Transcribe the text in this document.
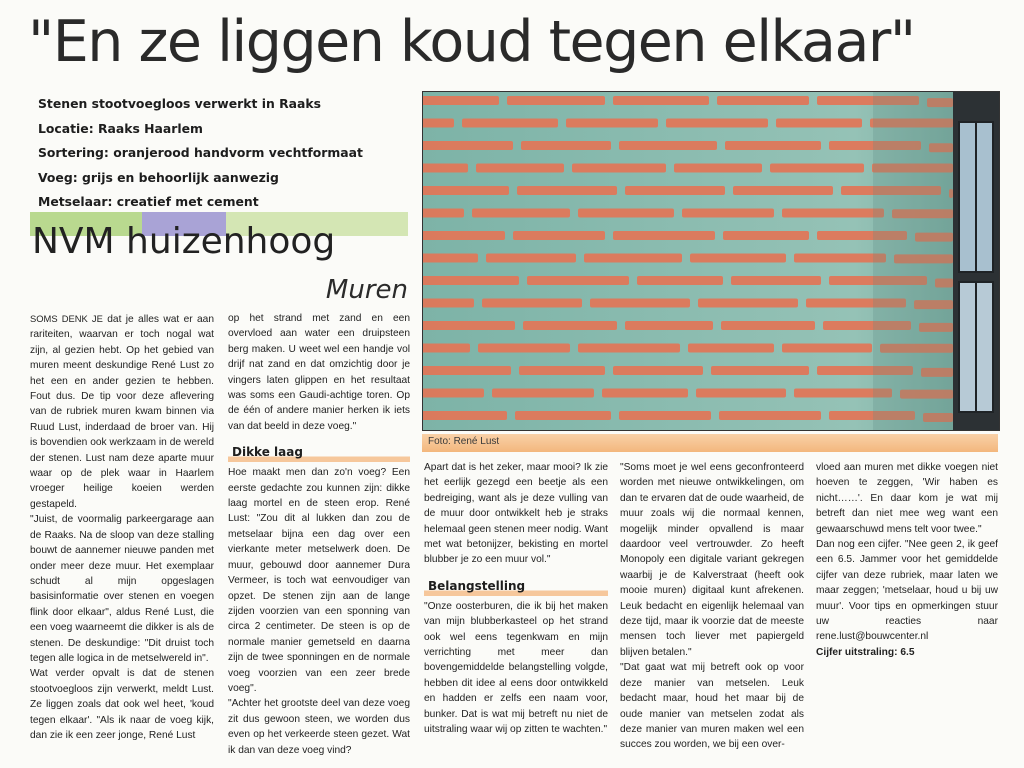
"En ze liggen koud tegen elkaar"
Stenen stootvoegloos verwerkt in Raaks
Locatie: Raaks Haarlem
Sortering: oranjerood handvorm vechtformaat
Voeg: grijs en behoorlijk aanwezig
Metselaar: creatief met cement
NVM huizenhoog
Muren

SOMS DENK JE dat je alles wat er aan rariteiten, waarvan er toch nogal wat zijn, al gezien hebt. Op het gebied van muren meent deskundige René Lust zo het een en ander gezien te hebben. Fout dus. De tip voor deze aflevering van de rubriek muren kwam binnen via Ruud Lust, inderdaad de broer van. Hij is bovendien ook werkzaam in de wereld der stenen. Lust nam deze aparte muur waar op de plek waar in Haarlem vroeger heilige koeien werden gestapeld.

"Juist, de voormalig parkeergarage aan de Raaks. Na de sloop van deze stalling bouwt de aannemer nieuwe panden met onder meer deze muur. Het exemplaar schudt al mijn opgeslagen basisinformatie over stenen en voegen flink door elkaar", aldus René Lust, die een voeg waarneemt die dikker is als de stenen. De deskundige: "Dit druist toch tegen alle logica in de metselwereld in".

Wat verder opvalt is dat de stenen stootvoegloos zijn verwerkt, meldt Lust. Ze liggen zoals dat ook wel heet, 'koud tegen elkaar'. "Als ik naar de voeg kijk, dan zie ik een zeer jonge, René Lust

op het strand met zand en een overvloed aan water een druipsteen berg maken. U weet wel een handje vol drijf nat zand en dat omzichtig door je vingers laten glippen en het resultaat was soms een Gaudi-achtige toren. Op de één of andere manier herken ik iets van dat beeld in deze voeg."

Dikke laag

Hoe maakt men dan zo'n voeg? Een eerste gedachte zou kunnen zijn: dikke laag mortel en de steen erop. René Lust: "Zou dit al lukken dan zou de metselaar bijna een dag over een vierkante meter metselwerk doen. De muur, gebouwd door aannemer Dura Vermeer, is toch wat eenvoudiger van opzet. De stenen zijn aan de lange zijden voorzien van een sponning van circa 2 centimeter. De steen is op de normale manier gemetseld en daarna zijn de twee sponningen en de normale voeg voorzien van een zeer brede voeg".

"Achter het grootste deel van deze voeg zit dus gewoon steen, we worden dus even op het verkeerde steen gezet. Wat ik dan van deze voeg vind?

Foto: René Lust

Apart dat is het zeker, maar mooi? Ik zie het eerlijk gezegd een beetje als een bedreiging, want als je deze vulling van de muur door ontwikkelt heb je straks helemaal geen stenen meer nodig. Want met wat betonijzer, bekisting en mortel blubber je zo een muur vol."

Belangstelling

"Onze oosterburen, die ik bij het maken van mijn blubberkasteel op het strand ook wel eens tegenkwam en mijn verrichting met meer dan bovengemiddelde belangstelling volgde, hebben dit idee al eens door ontwikkeld en hadden er zelfs een naam voor, bunker. Dat is wat mij betreft nu niet de uitstraling waar wij op zitten te wachten."

"Soms moet je wel eens geconfronteerd worden met nieuwe ontwikkelingen, om dan te ervaren dat de oude waarheid, de muur zoals wij die normaal kennen, mogelijk minder opvallend is maar daardoor veel vertrouwder. Zo heeft Monopoly een digitale variant gekregen waarbij je de Kalverstraat (heeft ook mooie muren) digitaal kunt afrekenen. Leuk bedacht en eigenlijk helemaal van deze tijd, maar ik voorzie dat de meeste mensen toch liever met papiergeld blijven betalen."

"Dat gaat wat mij betreft ook op voor deze manier van metselen. Leuk bedacht maar, houd het maar bij de oude manier van metselen zodat als deze manier van muren maken wel een succes zou worden, we bij een over-

vloed aan muren met dikke voegen niet hoeven te zeggen, 'Wir haben es nicht……'. En daar kom je wat mij betreft dan niet mee weg want een gewaarschuwd mens telt voor twee."

Dan nog een cijfer. "Nee geen 2, ik geef een 6.5. Jammer voor het gemiddelde cijfer van deze rubriek, maar laten we maar zeggen; 'metselaar, houd u bij uw muur'. Voor tips en opmerkingen stuur uw reacties naar rene.lust@bouwcenter.nl

Cijfer uitstraling: 6.5
